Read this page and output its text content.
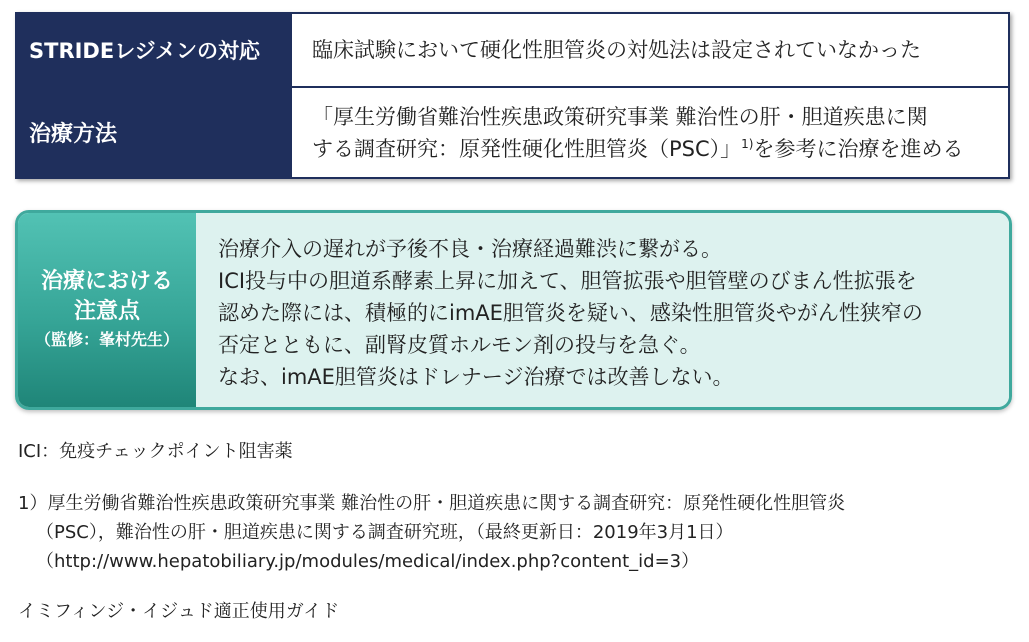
STRIDEレジメンの対応	臨床試験において硬化性胆管炎の対処法は設定されていなかった
治療方法
「厚生労働省難治性疾患政策研究事業 難治性の肝・胆道疾患に関
する調査研究：原発性硬化性胆管炎（PSC）」$^{1)}$を参考に治療を進める
治療における
注意点
（監修：峯村先生）
治療介入の遅れが予後不良・治療経過難渋に繋がる。
ICI投与中の胆道系酵素上昇に加えて、胆管拡張や胆管壁のびまん性拡張を
認めた際には、積極的にimAE胆管炎を疑い、感染性胆管炎やがん性狭窄の
否定とともに、副腎皮質ホルモン剤の投与を急ぐ。
なお、imAE胆管炎はドレナージ治療では改善しない。
ICI：免疫チェックポイント阻害薬
1）厚生労働省難治性疾患政策研究事業 難治性の肝・胆道疾患に関する調査研究：原発性硬化性胆管炎
（PSC），難治性の肝・胆道疾患に関する調査研究班，（最終更新日：2019年3月1日）
（http://www.hepatobiliary.jp/modules/medical/index.php?content_id=3）
イミフィンジ・イジュド適正使用ガイド
